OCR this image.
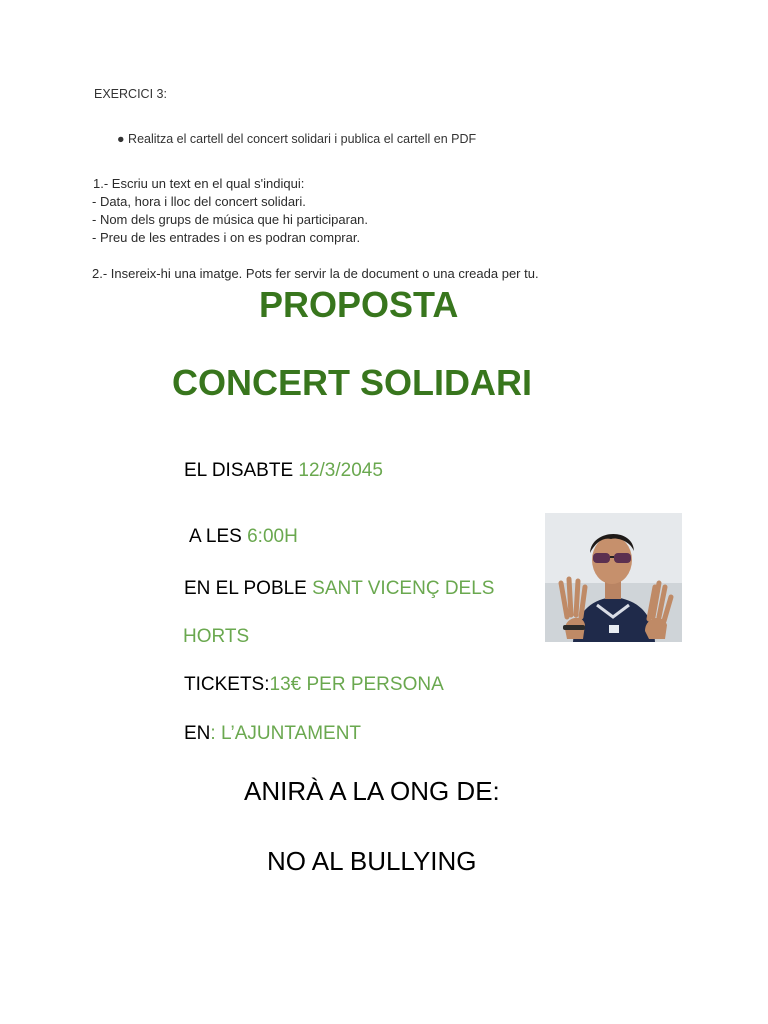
EXERCICI 3:
● Realitza el cartell del concert solidari i publica el cartell en PDF
1.- Escriu un text en el qual s'indiqui:
- Data, hora i lloc del concert solidari.
- Nom dels grups de música que hi participaran.
- Preu de les entrades i on es podran comprar.
2.- Insereix-hi una imatge. Pots fer servir la de document o una creada per tu.
PROPOSTA
CONCERT SOLIDARI
EL DISABTE 12/3/2045
A LES 6:00H
EN EL POBLE SANT VICENÇ DELS
HORTS
TICKETS:13€ PER PERSONA
EN: L’AJUNTAMENT
ANIRÀ A LA ONG DE:
NO AL BULLYING
